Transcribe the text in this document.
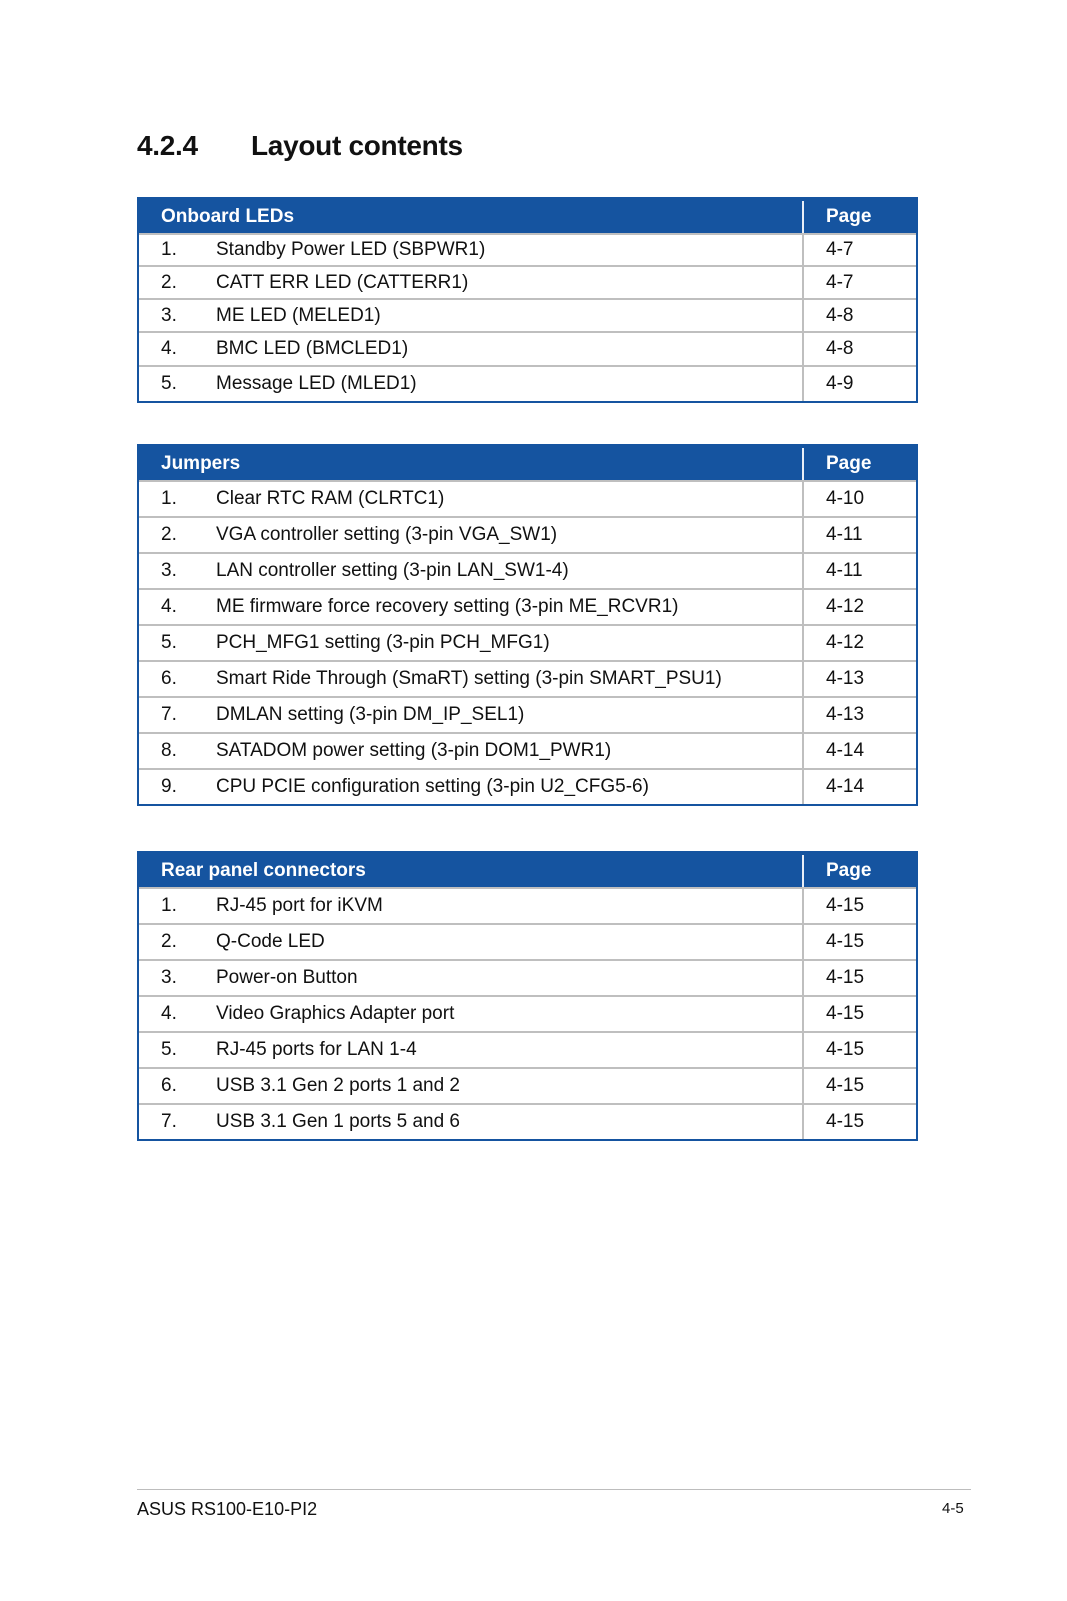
4.2.4 Layout contents
Onboard LEDs	Page
1. Standby Power LED (SBPWR1)	4-7
2. CATT ERR LED (CATTERR1)	4-7
3. ME LED (MELED1)	4-8
4. BMC LED (BMCLED1)	4-8
5. Message LED (MLED1)	4-9
Jumpers	Page
1. Clear RTC RAM (CLRTC1)	4-10
2. VGA controller setting (3-pin VGA_SW1)	4-11
3. LAN controller setting (3-pin LAN_SW1-4)	4-11
4. ME firmware force recovery setting (3-pin ME_RCVR1)	4-12
5. PCH_MFG1 setting (3-pin PCH_MFG1)	4-12
6. Smart Ride Through (SmaRT) setting (3-pin SMART_PSU1)	4-13
7. DMLAN setting (3-pin DM_IP_SEL1)	4-13
8. SATADOM power setting (3-pin DOM1_PWR1)	4-14
9. CPU PCIE configuration setting (3-pin U2_CFG5-6)	4-14
Rear panel connectors	Page
1. RJ-45 port for iKVM	4-15
2. Q-Code LED	4-15
3. Power-on Button	4-15
4. Video Graphics Adapter port	4-15
5. RJ-45 ports for LAN 1-4	4-15
6. USB 3.1 Gen 2 ports 1 and 2	4-15
7. USB 3.1 Gen 1 ports 5 and 6	4-15
ASUS RS100-E10-PI2	4-5
